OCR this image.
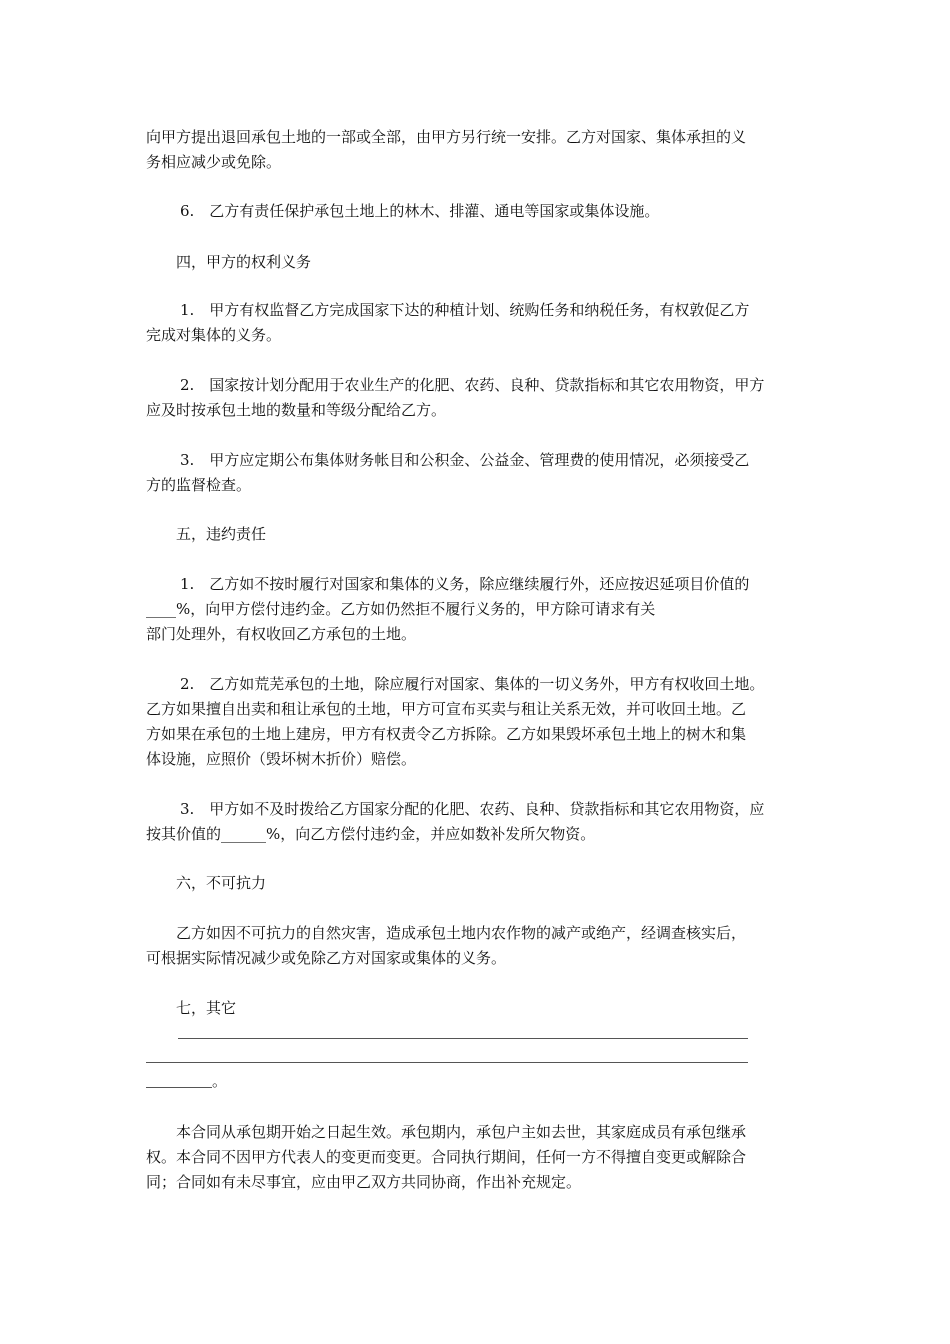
向甲方提出退回承包土地的一部或全部，由甲方另行统一安排。乙方对国家、集体承担的义
务相应减少或免除。

6.　乙方有责任保护承包土地上的林木、排灌、通电等国家或集体设施。

四，甲方的权利义务

1.　甲方有权监督乙方完成国家下达的种植计划、统购任务和纳税任务，有权敦促乙方
完成对集体的义务。

2.　国家按计划分配用于农业生产的化肥、农药、良种、贷款指标和其它农用物资，甲方
应及时按承包土地的数量和等级分配给乙方。

3.　甲方应定期公布集体财务帐目和公积金、公益金、管理费的使用情况，必须接受乙
方的监督检查。

五，违约责任

1.　乙方如不按时履行对国家和集体的义务，除应继续履行外，还应按迟延项目价值的
____%，向甲方偿付违约金。乙方如仍然拒不履行义务的，甲方除可请求有关
部门处理外，有权收回乙方承包的土地。

2.　乙方如荒芜承包的土地，除应履行对国家、集体的一切义务外，甲方有权收回土地。
乙方如果擅自出卖和租让承包的土地，甲方可宣布买卖与租让关系无效，并可收回土地。乙
方如果在承包的土地上建房，甲方有权责令乙方拆除。乙方如果毁坏承包土地上的树木和集
体设施，应照价（毁坏树木折价）赔偿。

3.　甲方如不及时拨给乙方国家分配的化肥、农药、良种、贷款指标和其它农用物资，应
按其价值的______%，向乙方偿付违约金，并应如数补发所欠物资。

六，不可抗力

乙方如因不可抗力的自然灾害，造成承包土地内农作物的减产或绝产，经调查核实后，
可根据实际情况减少或免除乙方对国家或集体的义务。

七，其它

。

本合同从承包期开始之日起生效。承包期内，承包户主如去世，其家庭成员有承包继承
权。本合同不因甲方代表人的变更而变更。合同执行期间，任何一方不得擅自变更或解除合
同；合同如有未尽事宜，应由甲乙双方共同协商，作出补充规定。
